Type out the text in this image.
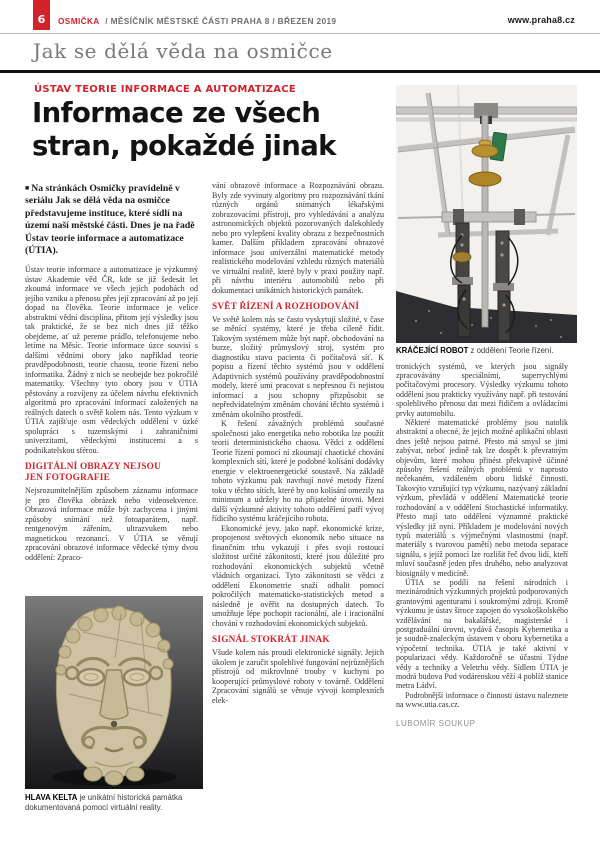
6 OSMIČKA / MĚSÍČNÍK MĚSTSKÉ ČÁSTI PRAHA 8 / BŘEZEN 2019	www.praha8.cz
Jak se dělá věda na osmičce
ÚSTAV TEORIE INFORMACE A AUTOMATIZACE
Informace ze všech
stran, pokaždé jinak

■ Na stránkách Osmičky pravidelně v seriálu Jak se dělá věda na osmičce představujeme instituce, které sídlí na území naší městské části. Dnes je na řadě Ústav teorie informace a automatizace (ÚTIA).

Ústav teorie informace a automatizace je výzkumný ústav Akademie věd ČR, kde se již šedesát let zkoumá informace ve všech jejích podobách od jejího vzniku a přenosu přes její zpracování až po její dopad na člověka. Teorie informace je velice abstraktní vědní disciplína, přitom její výsledky jsou tak praktické, že se bez nich dnes již těžko obejdeme, ať už pereme prádlo, telefonujeme nebo letíme na Měsíc. Teorie informace úzce souvisí s dalšími vědními obory jako například teorie pravděpodobnosti, teorie chaosu, teorie řízení nebo informatika. Žádný z nich se neobejde bez pokročilé matematiky. Všechny tyto obory jsou v ÚTIA pěstovány a rozvíjeny za účelem návrhu efektivních algoritmů pro zpracování informací založených na reálných datech o světě kolem nás. Tento výzkum v ÚTIA zajišťuje osm vědeckých oddělení v úzké spolupráci s tuzemskými i zahraničními univerzitami, vědeckými institucemi a s podnikatelskou sférou.

DIGITÁLNÍ OBRAZY NEJSOU
JEN FOTOGRAFIE

Nejsrozumitelnějším způsobem záznamu informace je pro člověka obrázek nebo videosekvence. Obrazová informace může být zachycena i jinými způsoby snímání než fotoaparátem, např. rentgenovým zářením, ultrazvukem nebo magnetickou rezonancí. V ÚTIA se věnují zpracování obrazové informace vědecké týmy dvou oddělení: Zpraco-

HLAVA KELTA je unikátní historická památka dokumentovaná pomocí virtuální reality.

vání obrazové informace a Rozpoznávání obrazu. Byly zde vyvinuty algoritmy pro rozpoznávání tkání různých orgánů snímaných lékařskými zobrazovacími přístroji, pro vyhledávání a analýzu astronomických objektů pozorovaných dalekohledy nebo pro vylepšení kvality obrazu z bezpečnostních kamer. Dalším příkladem zpracování obrazové informace jsou univerzální matematické metody realistického modelování vzhledu různých materiálů ve virtuální realitě, které byly v praxi použity např. při návrhu interiéru automobilů nebo při dokumentaci unikátních historických památek.

SVĚT ŘÍZENÍ A ROZHODOVÁNÍ

Ve světě kolem nás se často vyskytují složité, v čase se měnící systémy, které je třeba cíleně řídit. Takovým systémem může být např. obchodování na burze, složitý průmyslový stroj, systém pro diagnostiku stavu pacienta či počítačová síť. K popisu a řízení těchto systémů jsou v oddělení Adaptivních systémů používány pravděpodobnostní modely, které umí pracovat s nepřesnou či nejistou informací a jsou schopny přizpůsobit se nepředvídatelným změnám chování těchto systémů i změnám okolního prostředí.

K řešení závažných problémů současné společnosti jako energetika nebo robotika lze použít teorii deterministického chaosu. Vědci z oddělení Teorie řízení pomocí ní zkoumají chaotické chování komplexních sítí, které je podobné kolísání dodávky energie v elektroenergetické soustavě. Na základě tohoto výzkumu pak navrhují nové metody řízení toku v těchto sítích, které by ono kolísání omezily na minimum a udržely ho na přijatelné úrovni. Mezi další výzkumné aktivity tohoto oddělení patří vývoj řídicího systému kráčejícího robota.

Ekonomické jevy, jako např. ekonomické krize, propojenost světových ekonomik nebo situace na finančním trhu vykazují i přes svoji rostoucí složitost určité zákonitosti, které jsou důležité pro rozhodování ekonomických subjektů včetně vládních organizací. Tyto zákonitosti se vědci z oddělení Ekonometrie snaží odhalit pomocí pokročilých matematicko-statistických metod a následně je ověřit na dostupných datech. To umožňuje lépe pochopit racionální, ale i iracionální chování v rozhodování ekonomických subjektů.

SIGNÁL STOKRÁT JINAK

Všude kolem nás proudí elektronické signály. Jejich úkolem je zaručit spolehlivé fungování nejrůznějších přístrojů od mikrovlnné trouby v kuchyni po kooperující průmyslové roboty v továrně. Oddělení Zpracování signálů se věnuje vývoji komplexních elek-

KRÁČEJÍCÍ ROBOT z oddělení Teorie řízení.

tronických systémů, ve kterých jsou signály zpracovávány speciálními, superrychlými počítačovými procesory. Výsledky výzkumu tohoto oddělení jsou prakticky využívány např. při testování spolehlivého přenosu dat mezi řidičem a ovládacími prvky automobilu.

Některé matematické problémy jsou natolik abstraktní a obecné, že jejich možné aplikační oblasti dnes ještě nejsou patrné. Přesto má smysl se jimi zabývat, neboť jedině tak lze dospět k převratným objevům, které mohou přinést překvapivě účinné způsoby řešení reálných problémů v naprosto nečekaném, vzdáleném oboru lidské činnosti. Takovýto vzrušující typ výzkumu, nazývaný základní výzkum, převládá v oddělení Matematické teorie rozhodování a v oddělení Stochastické informatiky. Přesto mají tato oddělení významné praktické výsledky již nyní. Příkladem je modelování nových typů materiálů s výjmečnými vlastnostmi (např. materiály s tvarovou pamětí) nebo metoda separace signálu, s jejíž pomocí lze rozlišit řeč dvou lidí, kteří mluví současně jeden přes druhého, nebo analyzovat biosignály v medicíně.

ÚTIA se podílí na řešení národních i mezinárodních výzkumných projektů podporovaných grantovými agenturami i soukromými zdroji. Kromě výzkumu je ústav široce zapojen do vysokoškolského vzdělávání na bakalářské, magisterské i postgraduální úrovni, vydává časopis Kybernetika a je soudně-znaleckým ústavem v oboru kybernetika a výpočetní technika. ÚTIA je také aktivní v popularizaci vědy. Každoročně se účastní Týdne vědy a techniky a Veletrhu vědy. Sídlem ÚTIA je modrá budova Pod vodárenskou věží 4 poblíž stanice metra Ládví.

Podrobnější informace o činnosti ústavu naleznete na www.utia.cas.cz.

LUBOMÍR SOUKUP
